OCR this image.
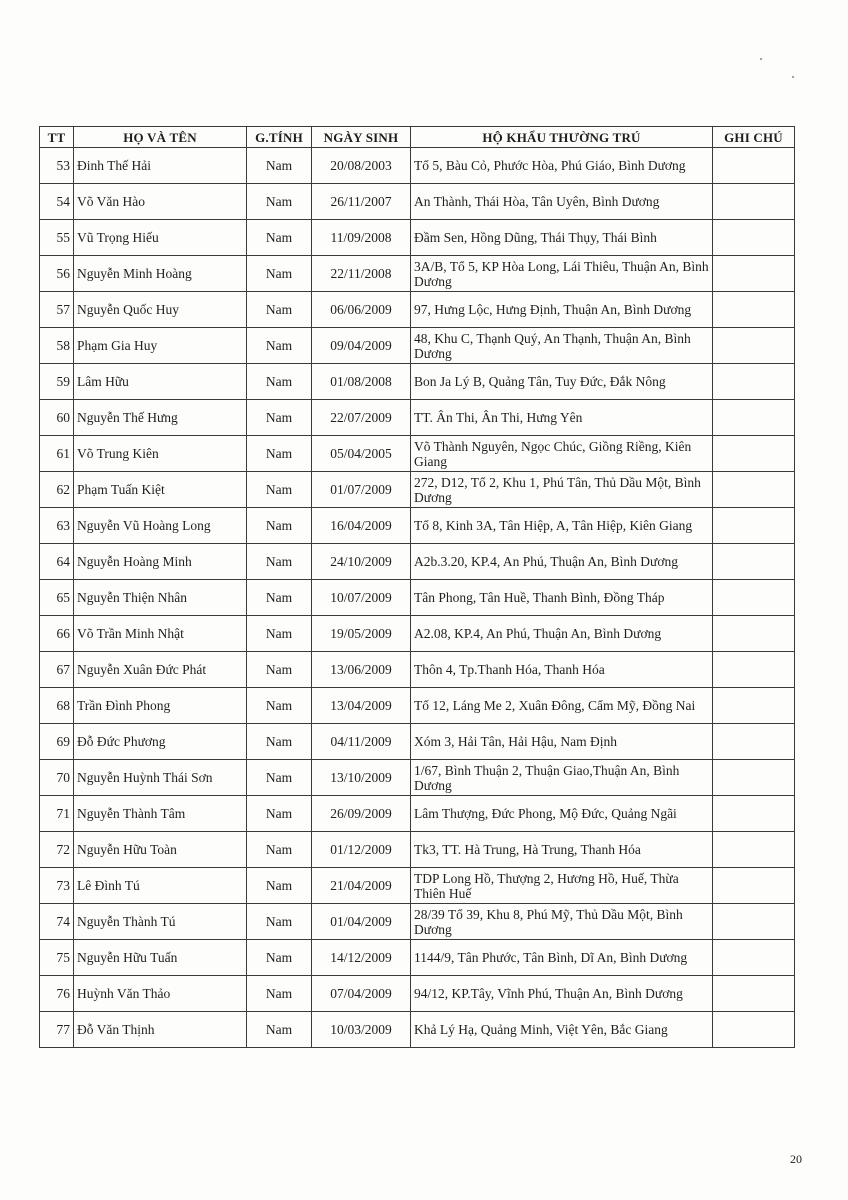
TT	HỌ VÀ TÊN	G.TÍNH	NGÀY SINH	HỘ KHẨU THƯỜNG TRÚ	GHI CHÚ
53	Đinh Thế Hải	Nam	20/08/2003	Tổ 5, Bàu Cỏ, Phước Hòa, Phú Giáo, Bình Dương	
54	Võ Văn Hào	Nam	26/11/2007	An Thành, Thái Hòa, Tân Uyên, Bình Dương	
55	Vũ Trọng Hiếu	Nam	11/09/2008	Đầm Sen, Hồng Dũng, Thái Thụy, Thái Bình	
56	Nguyễn Minh Hoàng	Nam	22/11/2008	3A/B, Tổ 5, KP Hòa Long, Lái Thiêu, Thuận An, Bình Dương	
57	Nguyễn Quốc Huy	Nam	06/06/2009	97, Hưng Lộc, Hưng Định, Thuận An, Bình Dương	
58	Phạm Gia Huy	Nam	09/04/2009	48, Khu C, Thạnh Quý, An Thạnh, Thuận An, Bình Dương	
59	Lâm Hữu	Nam	01/08/2008	Bon Ja Lý B, Quảng Tân, Tuy Đức, Đắk Nông	
60	Nguyễn Thế Hưng	Nam	22/07/2009	TT. Ân Thi, Ân Thi, Hưng Yên	
61	Võ Trung Kiên	Nam	05/04/2005	Võ Thành Nguyên, Ngọc Chúc, Giồng Riềng, Kiên Giang	
62	Phạm Tuấn Kiệt	Nam	01/07/2009	272, D12, Tổ 2, Khu 1, Phú Tân, Thủ Dầu Một, Bình Dương	
63	Nguyễn Vũ Hoàng Long	Nam	16/04/2009	Tổ 8, Kinh 3A, Tân Hiệp, A, Tân Hiệp, Kiên Giang	
64	Nguyễn Hoàng Minh	Nam	24/10/2009	A2b.3.20, KP.4, An Phú, Thuận An, Bình Dương	
65	Nguyễn Thiện Nhân	Nam	10/07/2009	Tân Phong, Tân Huề, Thanh Bình, Đồng Tháp	
66	Võ Trần Minh Nhật	Nam	19/05/2009	A2.08, KP.4, An Phú, Thuận An, Bình Dương	
67	Nguyễn Xuân Đức Phát	Nam	13/06/2009	Thôn 4, Tp.Thanh Hóa, Thanh Hóa	
68	Trần Đình Phong	Nam	13/04/2009	Tổ 12, Láng Me 2, Xuân Đông, Cẩm Mỹ, Đồng Nai	
69	Đỗ Đức Phương	Nam	04/11/2009	Xóm 3, Hải Tân, Hải Hậu, Nam Định	
70	Nguyễn Huỳnh Thái Sơn	Nam	13/10/2009	1/67, Bình Thuận 2, Thuận Giao,Thuận An, Bình Dương	
71	Nguyễn Thành Tâm	Nam	26/09/2009	Lâm Thượng, Đức Phong, Mộ Đức, Quảng Ngãi	
72	Nguyễn Hữu Toàn	Nam	01/12/2009	Tk3, TT. Hà Trung, Hà Trung, Thanh Hóa	
73	Lê Đình Tú	Nam	21/04/2009	TDP Long Hồ, Thượng 2, Hương Hồ, Huế, Thừa Thiên Huế	
74	Nguyễn Thành Tú	Nam	01/04/2009	28/39 Tổ 39, Khu 8, Phú Mỹ, Thủ Dầu Một, Bình Dương	
75	Nguyễn Hữu Tuấn	Nam	14/12/2009	1144/9, Tân Phước, Tân Bình, Dĩ An, Bình Dương	
76	Huỳnh Văn Thảo	Nam	07/04/2009	94/12, KP.Tây, Vĩnh Phú, Thuận An, Bình Dương	
77	Đỗ Văn Thịnh	Nam	10/03/2009	Khả Lý Hạ, Quảng Minh, Việt Yên, Bắc Giang	
20
